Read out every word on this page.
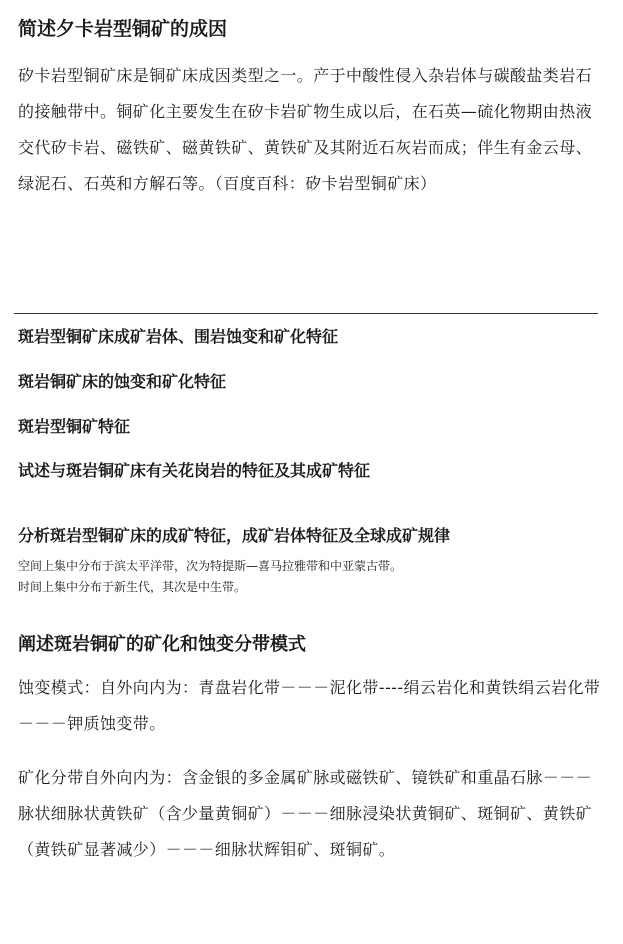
简述夕卡岩型铜矿的成因

矽卡岩型铜矿床是铜矿床成因类型之一。产于中酸性侵入杂岩体与碳酸盐类岩石的接触带中。铜矿化主要发生在矽卡岩矿物生成以后，在石英—硫化物期由热液交代矽卡岩、磁铁矿、磁黄铁矿、黄铁矿及其附近石灰岩而成；伴生有金云母、绿泥石、石英和方解石等。（百度百科：矽卡岩型铜矿床）

斑岩型铜矿床成矿岩体、围岩蚀变和矿化特征
斑岩铜矿床的蚀变和矿化特征
斑岩型铜矿特征
试述与斑岩铜矿床有关花岗岩的特征及其成矿特征
分析斑岩型铜矿床的成矿特征，成矿岩体特征及全球成矿规律

空间上集中分布于滨太平洋带，次为特提斯—喜马拉雅带和中亚蒙古带。

时间上集中分布于新生代，其次是中生带。

阐述斑岩铜矿的矿化和蚀变分带模式

蚀变模式：自外向内为：青盘岩化带－－－泥化带----绢云岩化和黄铁绢云岩化带－－－钾质蚀变带。

矿化分带自外向内为：含金银的多金属矿脉或磁铁矿、镜铁矿和重晶石脉－－－脉状细脉状黄铁矿（含少量黄铜矿）－－－细脉浸染状黄铜矿、斑铜矿、黄铁矿（黄铁矿显著减少）－－－细脉状辉钼矿、斑铜矿。
